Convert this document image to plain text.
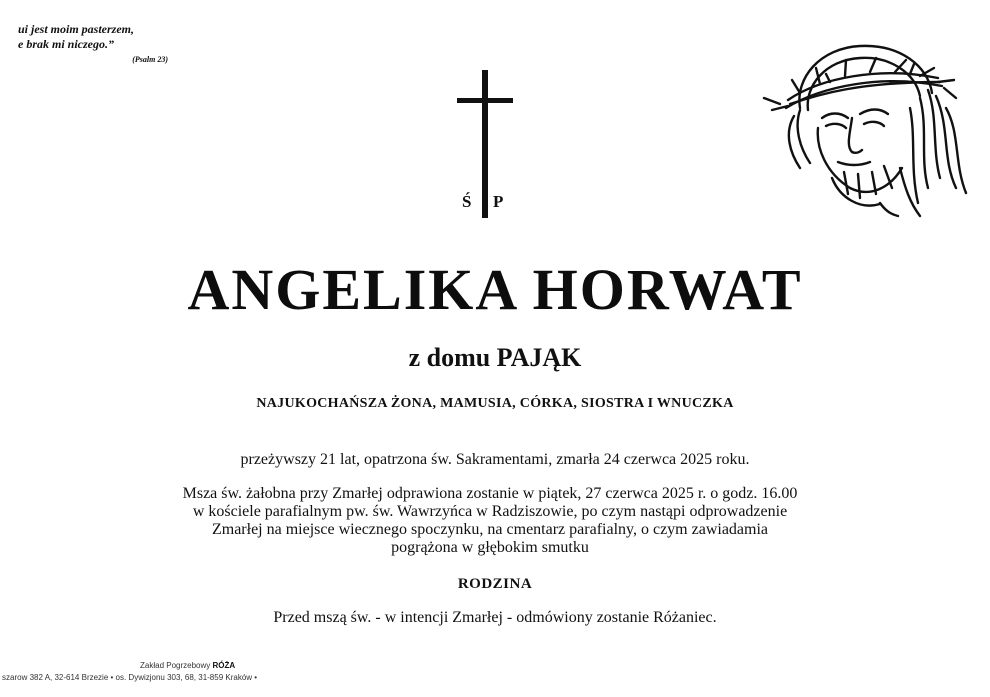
ui jest moim pasterzem,
e brak mi niczego.”
(Psalm 23)
Ś P
ANGELIKA HORWAT
z domu PAJĄK
NAJUKOCHAŃSZA ŻONA, MAMUSIA, CÓRKA, SIOSTRA I WNUCZKA
przeżywszy 21 lat, opatrzona św. Sakramentami, zmarła 24 czerwca 2025 roku.
Msza św. żałobna przy Zmarłej odprawiona zostanie w piątek, 27 czerwca 2025 r. o godz. 16.00
w kościele parafialnym pw. św. Wawrzyńca w Radziszowie, po czym nastąpi odprowadzenie
Zmarłej na miejsce wiecznego spoczynku, na cmentarz parafialny, o czym zawiadamia
pogrążona w głębokim smutku
RODZINA
Przed mszą św. - w intencji Zmarłej - odmówiony zostanie Różaniec.
Zakład Pogrzebowy RÓŻA
szarow 382 A, 32-614 Brzezie • os. Dywizjonu 303, 68, 31-859 Kraków •
